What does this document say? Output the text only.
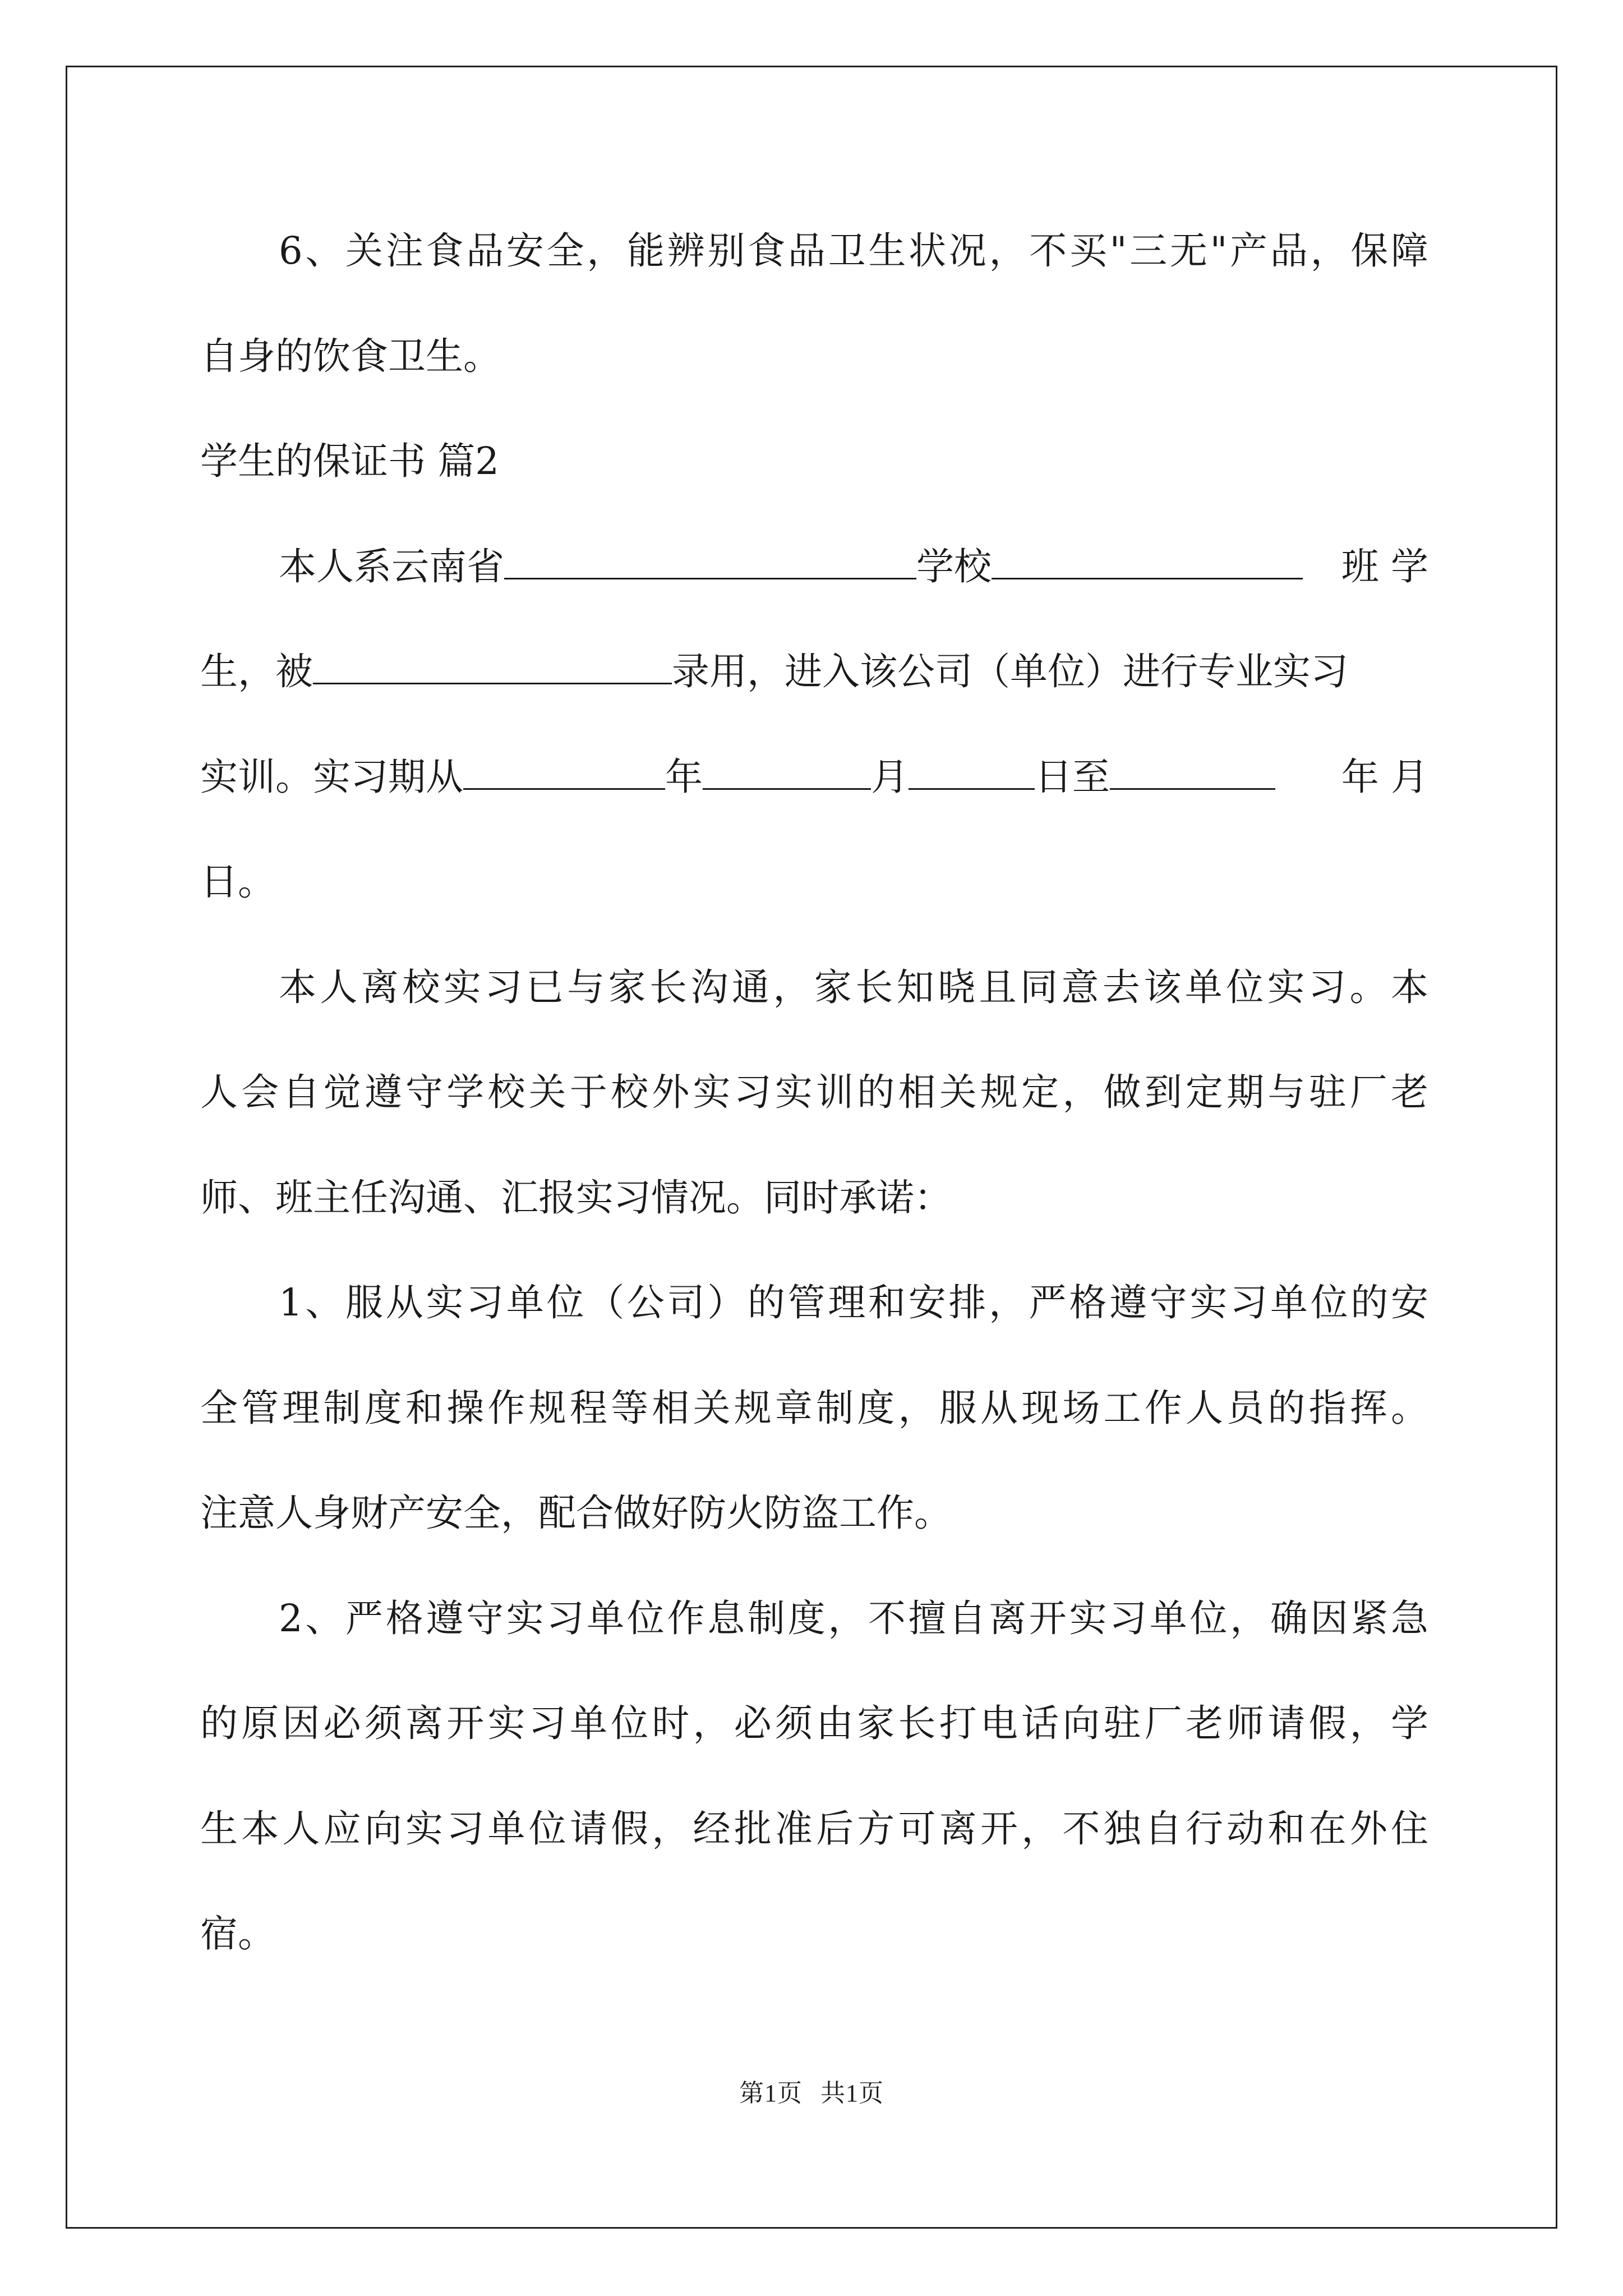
6、关注食品安全，能辨别食品卫生状况，不买"三无"产品，保障
自身的饮食卫生。
学生的保证书 篇2
本人系云南省	学校	班 学
生，被	录用，进入该公司（单位）进行专业实习
实训。实习期从	年	月	日至	年 月
日。
本人离校实习已与家长沟通，家长知晓且同意去该单位实习。本
人会自觉遵守学校关于校外实习实训的相关规定，做到定期与驻厂老
师、班主任沟通、汇报实习情况。同时承诺：
1、服从实习单位（公司）的管理和安排，严格遵守实习单位的安
全管理制度和操作规程等相关规章制度，服从现场工作人员的指挥。
注意人身财产安全，配合做好防火防盗工作。
2、严格遵守实习单位作息制度，不擅自离开实习单位，确因紧急
的原因必须离开实习单位时，必须由家长打电话向驻厂老师请假，学
生本人应向实习单位请假，经批准后方可离开，不独自行动和在外住
宿。
第1页 共1页
